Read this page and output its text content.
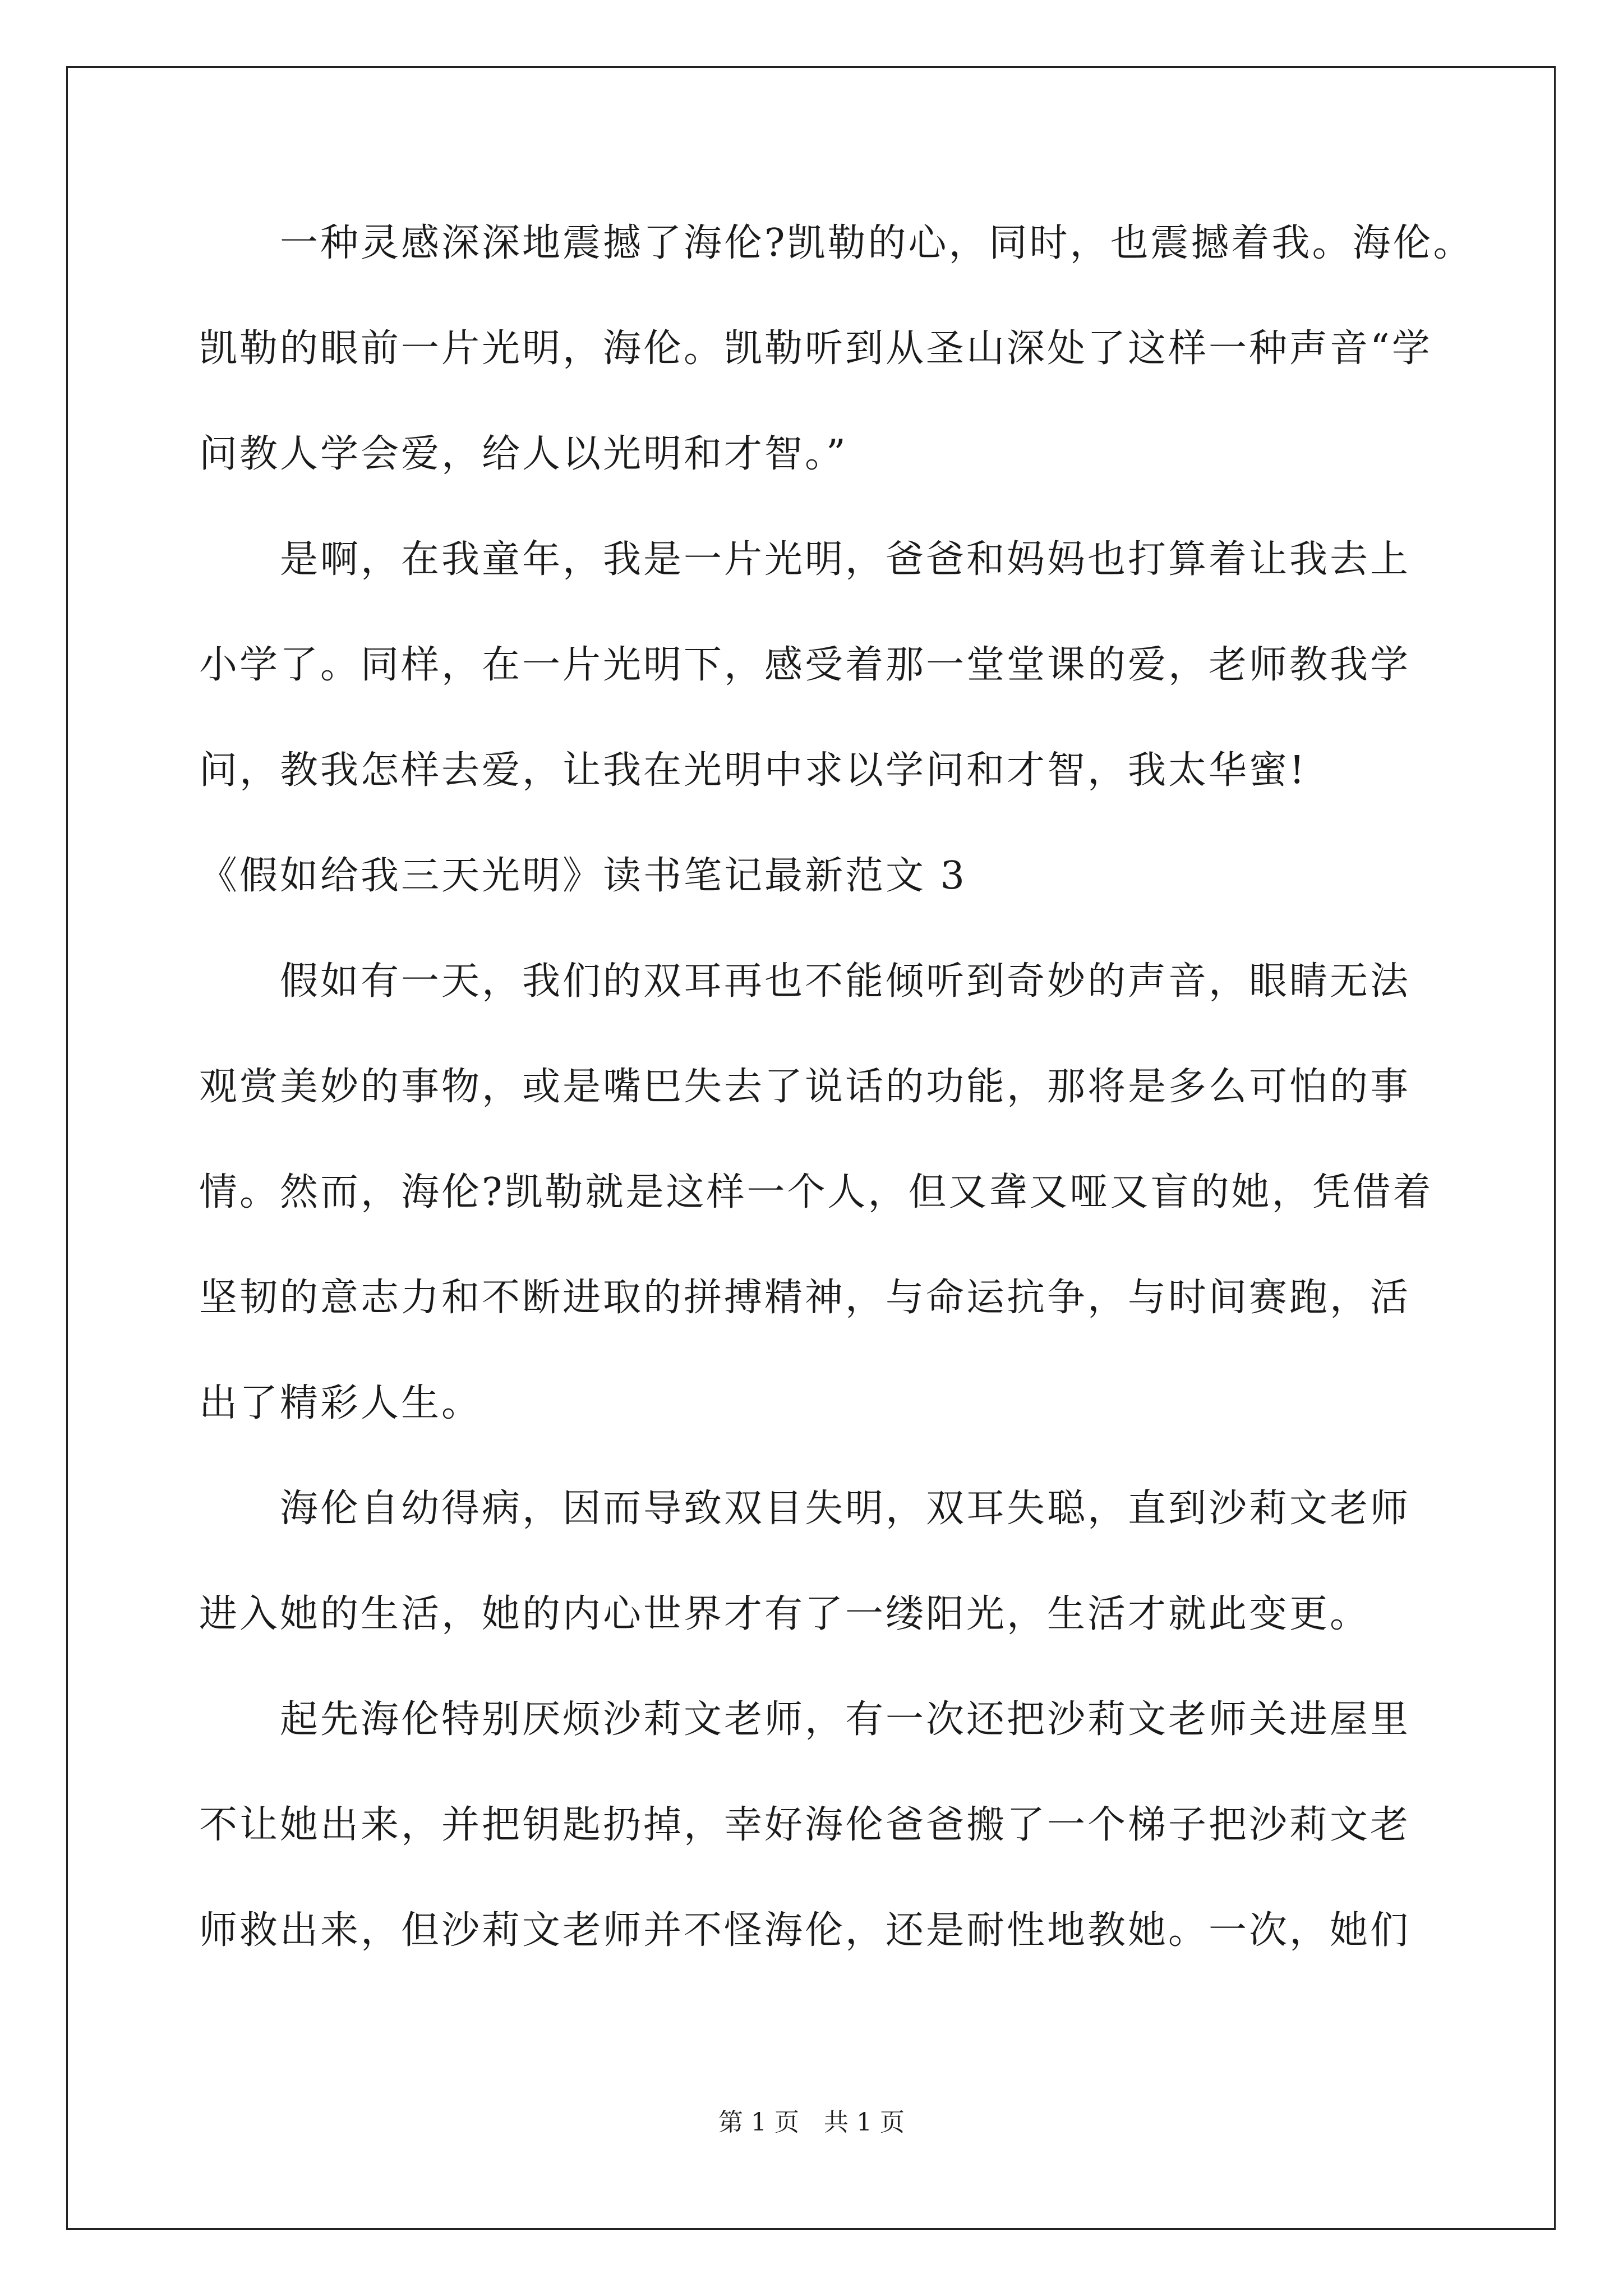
　　一种灵感深深地震撼了海伦?凯勒的心，同时，也震撼着我。海伦。
凯勒的眼前一片光明，海伦。凯勒听到从圣山深处了这样一种声音“学
问教人学会爱，给人以光明和才智。”
　　是啊，在我童年，我是一片光明，爸爸和妈妈也打算着让我去上
小学了。同样，在一片光明下，感受着那一堂堂课的爱，老师教我学
问，教我怎样去爱，让我在光明中求以学问和才智，我太华蜜!
《假如给我三天光明》读书笔记最新范文 3
　　假如有一天，我们的双耳再也不能倾听到奇妙的声音，眼睛无法
观赏美妙的事物，或是嘴巴失去了说话的功能，那将是多么可怕的事
情。然而，海伦?凯勒就是这样一个人，但又聋又哑又盲的她，凭借着
坚韧的意志力和不断进取的拼搏精神，与命运抗争，与时间赛跑，活
出了精彩人生。
　　海伦自幼得病，因而导致双目失明，双耳失聪，直到沙莉文老师
进入她的生活，她的内心世界才有了一缕阳光，生活才就此变更。
　　起先海伦特别厌烦沙莉文老师，有一次还把沙莉文老师关进屋里
不让她出来，并把钥匙扔掉，幸好海伦爸爸搬了一个梯子把沙莉文老
师救出来，但沙莉文老师并不怪海伦，还是耐性地教她。一次，她们
第 1 页　共 1 页
